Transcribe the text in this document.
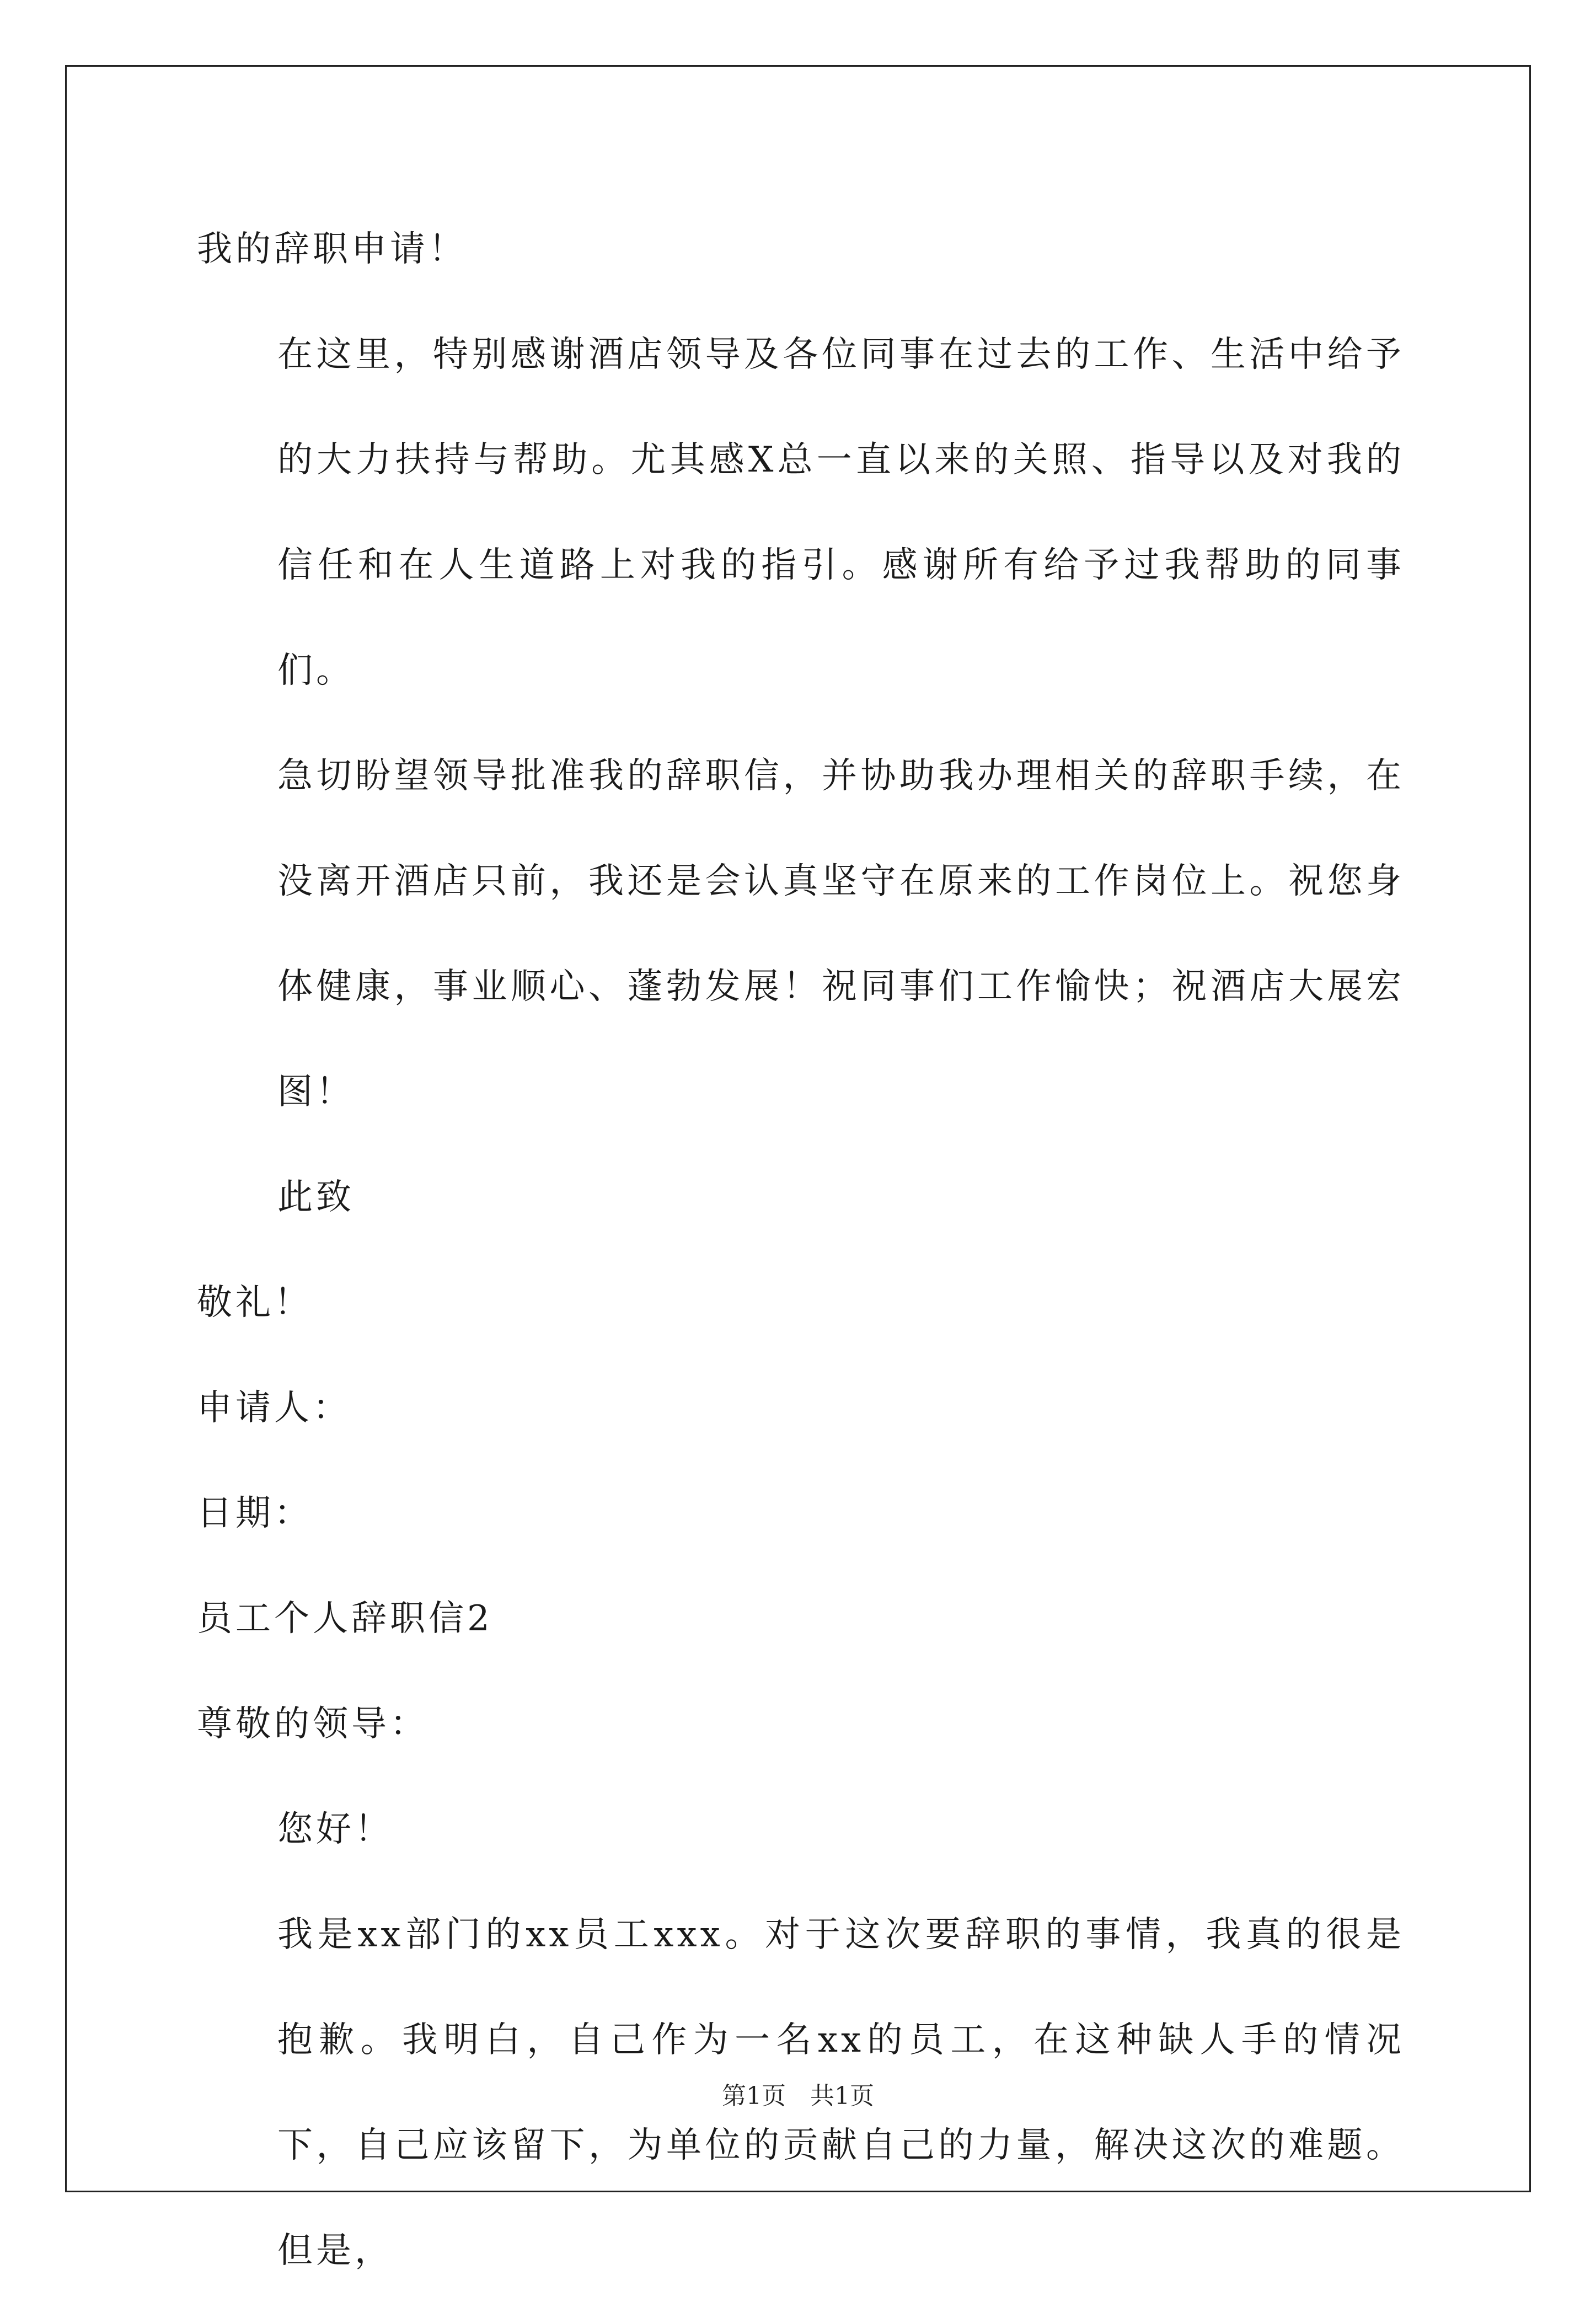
我的辞职申请！
在这里，特别感谢酒店领导及各位同事在过去的工作、生活中给予的大力扶持与帮助。尤其感X总一直以来的关照、指导以及对我的信任和在人生道路上对我的指引。感谢所有给予过我帮助的同事们。
急切盼望领导批准我的辞职信，并协助我办理相关的辞职手续，在没离开酒店只前，我还是会认真坚守在原来的工作岗位上。祝您身体健康，事业顺心、蓬勃发展！祝同事们工作愉快；祝酒店大展宏图！
此致
敬礼！
申请人：
日期：
员工个人辞职信2
尊敬的领导：
您好！
我是xx部门的xx员工xxx。对于这次要辞职的事情，我真的很是抱歉。我明白，自己作为一名xx的员工，在这种缺人手的情况下，自己应该留下，为单位的贡献自己的力量，解决这次的难题。但是，
第1页　共1页
